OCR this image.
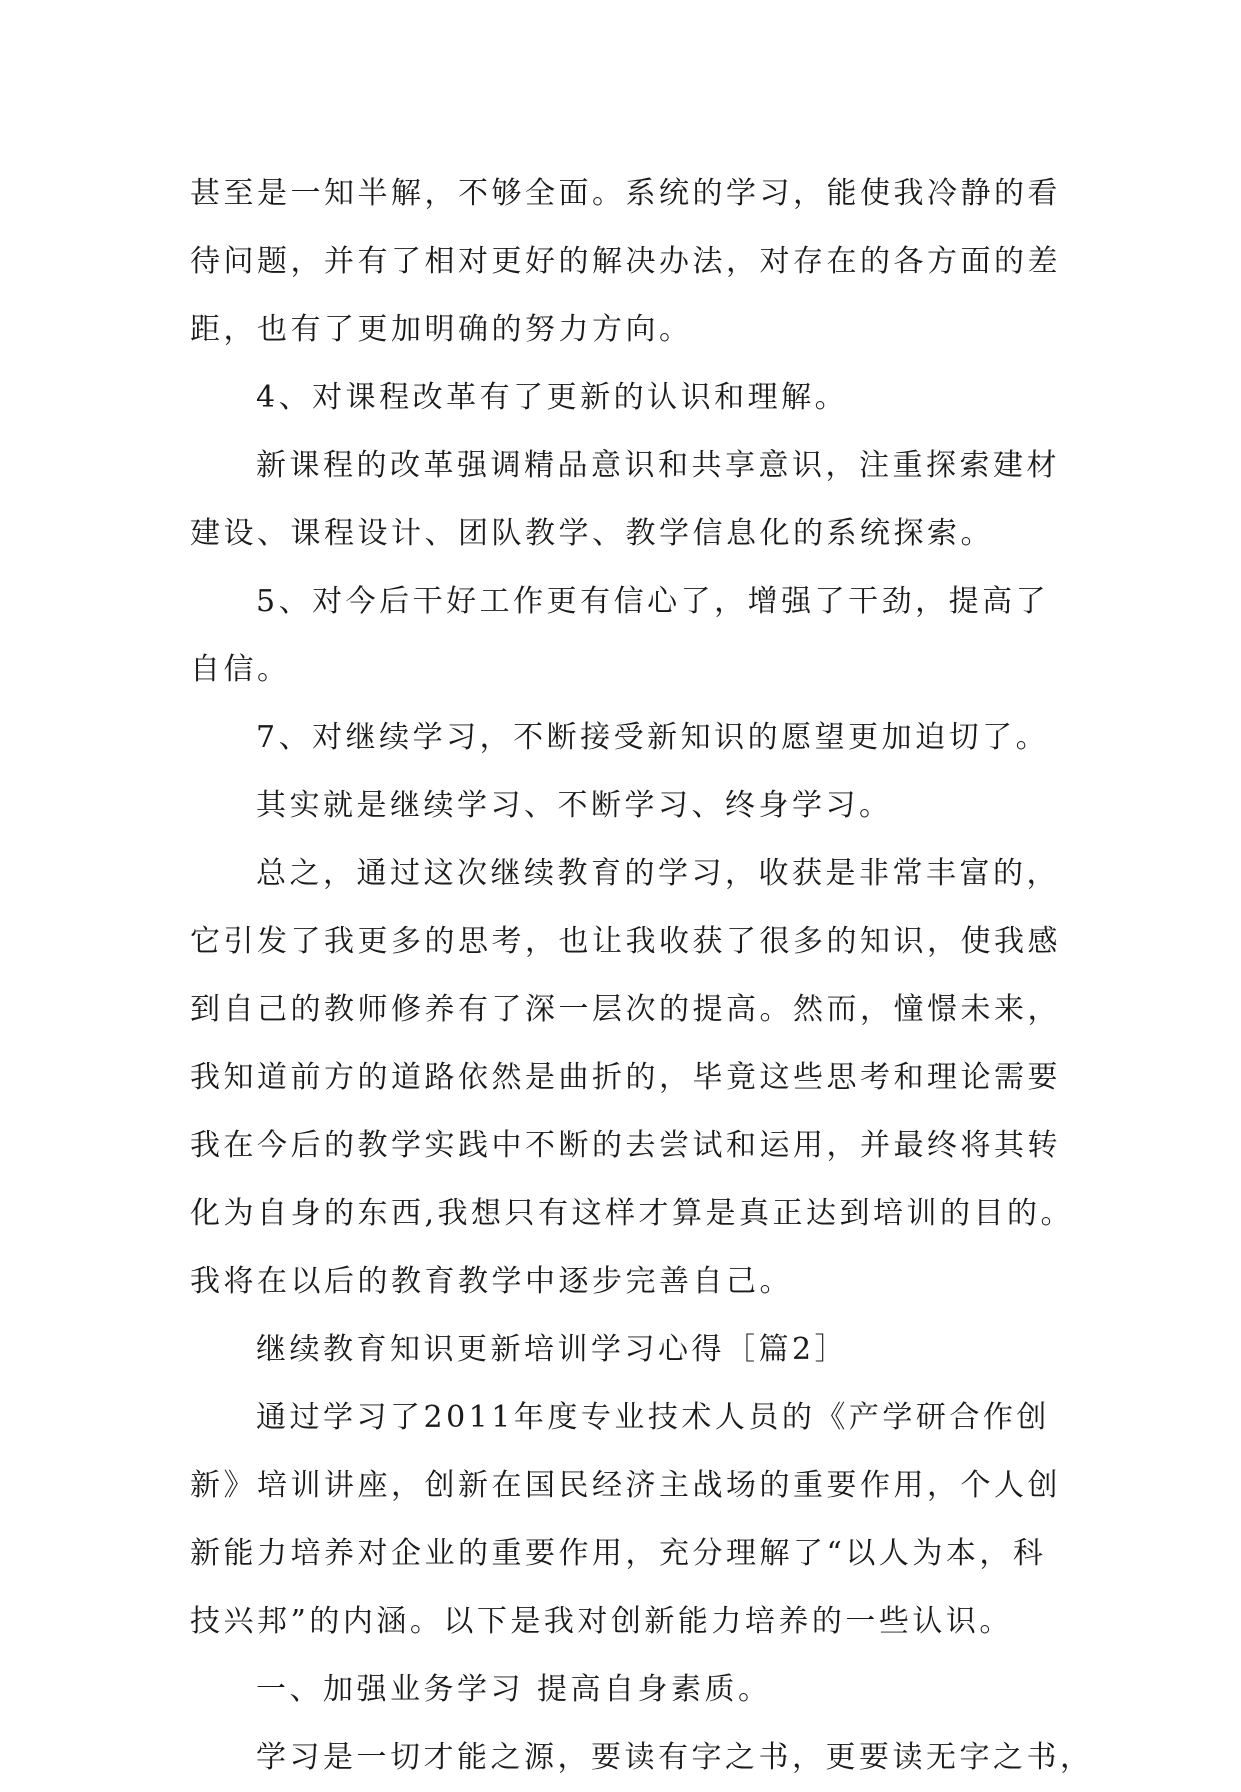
甚至是一知半解，不够全面。系统的学习，能使我冷静的看
待问题，并有了相对更好的解决办法，对存在的各方面的差
距，也有了更加明确的努力方向。
4、对课程改革有了更新的认识和理解。
新课程的改革强调精品意识和共享意识，注重探索建材
建设、课程设计、团队教学、教学信息化的系统探索。
5、对今后干好工作更有信心了，增强了干劲，提高了
自信。
7、对继续学习，不断接受新知识的愿望更加迫切了。
其实就是继续学习、不断学习、终身学习。
总之，通过这次继续教育的学习，收获是非常丰富的，
它引发了我更多的思考，也让我收获了很多的知识，使我感
到自己的教师修养有了深一层次的提高。然而，憧憬未来，
我知道前方的道路依然是曲折的，毕竟这些思考和理论需要
我在今后的教学实践中不断的去尝试和运用，并最终将其转
化为自身的东西,我想只有这样才算是真正达到培训的目的。
我将在以后的教育教学中逐步完善自己。
继续教育知识更新培训学习心得［篇2］
通过学习了2011年度专业技术人员的《产学研合作创
新》培训讲座，创新在国民经济主战场的重要作用，个人创
新能力培养对企业的重要作用，充分理解了“以人为本，科
技兴邦”的内涵。以下是我对创新能力培养的一些认识。
一、加强业务学习 提高自身素质。
学习是一切才能之源，要读有字之书，更要读无字之书，
